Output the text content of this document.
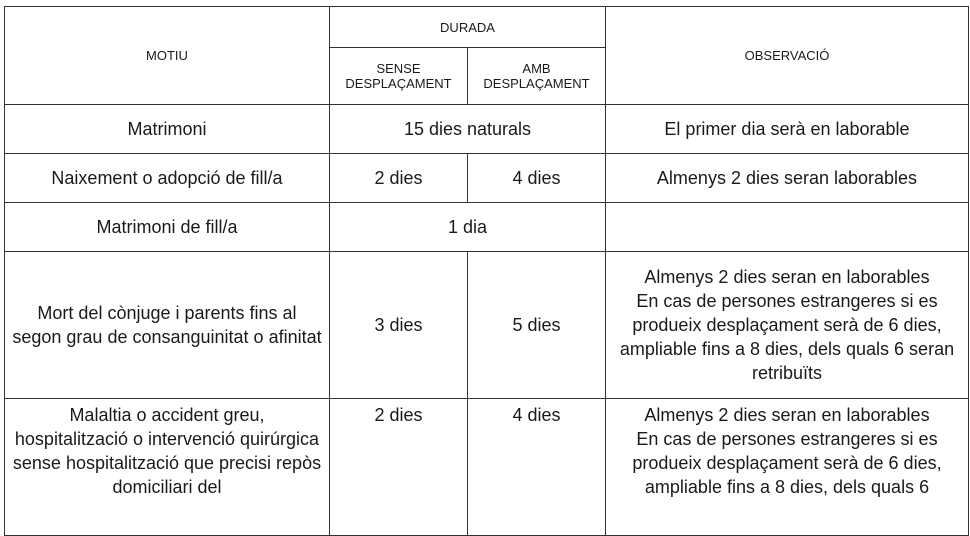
MOTIU	DURADA		OBSERVACIÓ
	SENSE DESPLAÇAMENT	AMB DESPLAÇAMENT	
Matrimoni	15 dies naturals		El primer dia serà en laborable
Naixement o adopció de fill/a	2 dies	4 dies	Almenys 2 dies seran laborables
Matrimoni de fill/a	1 dia		
Mort del cònjuge i parents fins al segon grau de consanguinitat o afinitat	3 dies	5 dies	Almenys 2 dies seran en laborables
En cas de persones estrangeres si es produeix desplaçament serà de 6 dies, ampliable fins a 8 dies, dels quals 6 seran retribuïts

Malaltia o accident greu, hospitalització o intervenció quirúrgica sense hospitalització que precisi repòs domiciliari del	2 dies	4 dies	Almenys 2 dies seran en laborables
En cas de persones estrangeres si es produeix desplaçament serà de 6 dies, ampliable fins a 8 dies, dels quals 6
